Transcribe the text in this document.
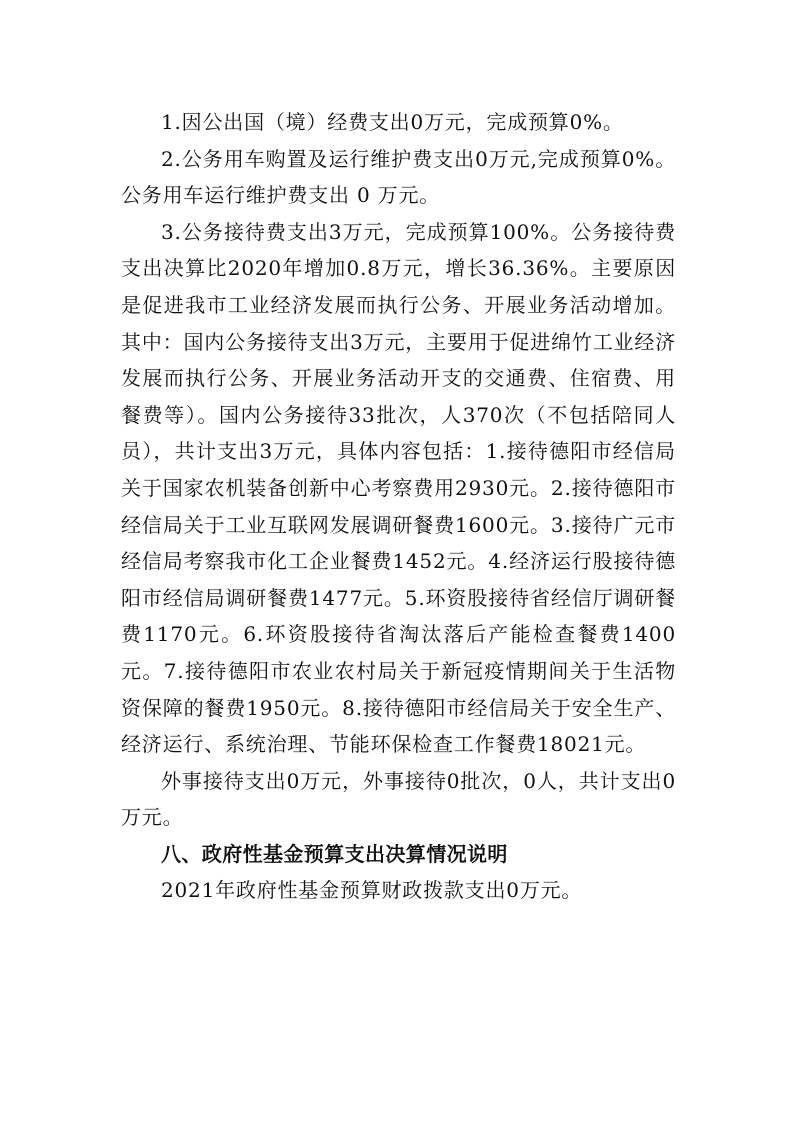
1.因公出国（境）经费支出0万元，完成预算0%。

2.公务用车购置及运行维护费支出0万元,完成预算0%。公务用车运行维护费支出 0 万元。

3.公务接待费支出3万元，完成预算100%。公务接待费支出决算比2020年增加0.8万元，增长36.36%。主要原因是促进我市工业经济发展而执行公务、开展业务活动增加。其中：国内公务接待支出3万元，主要用于促进绵竹工业经济发展而执行公务、开展业务活动开支的交通费、住宿费、用餐费等）。国内公务接待33批次，人370次（不包括陪同人员），共计支出3万元，具体内容包括：1.接待德阳市经信局关于国家农机装备创新中心考察费用2930元。2.接待德阳市经信局关于工业互联网发展调研餐费1600元。3.接待广元市经信局考察我市化工企业餐费1452元。4.经济运行股接待德阳市经信局调研餐费1477元。5.环资股接待省经信厅调研餐费1170元。6.环资股接待省淘汰落后产能检查餐费1400元。7.接待德阳市农业农村局关于新冠疫情期间关于生活物资保障的餐费1950元。8.接待德阳市经信局关于安全生产、经济运行、系统治理、节能环保检查工作餐费18021元。

外事接待支出0万元，外事接待0批次，0人，共计支出0万元。

八、政府性基金预算支出决算情况说明

2021年政府性基金预算财政拨款支出0万元。
